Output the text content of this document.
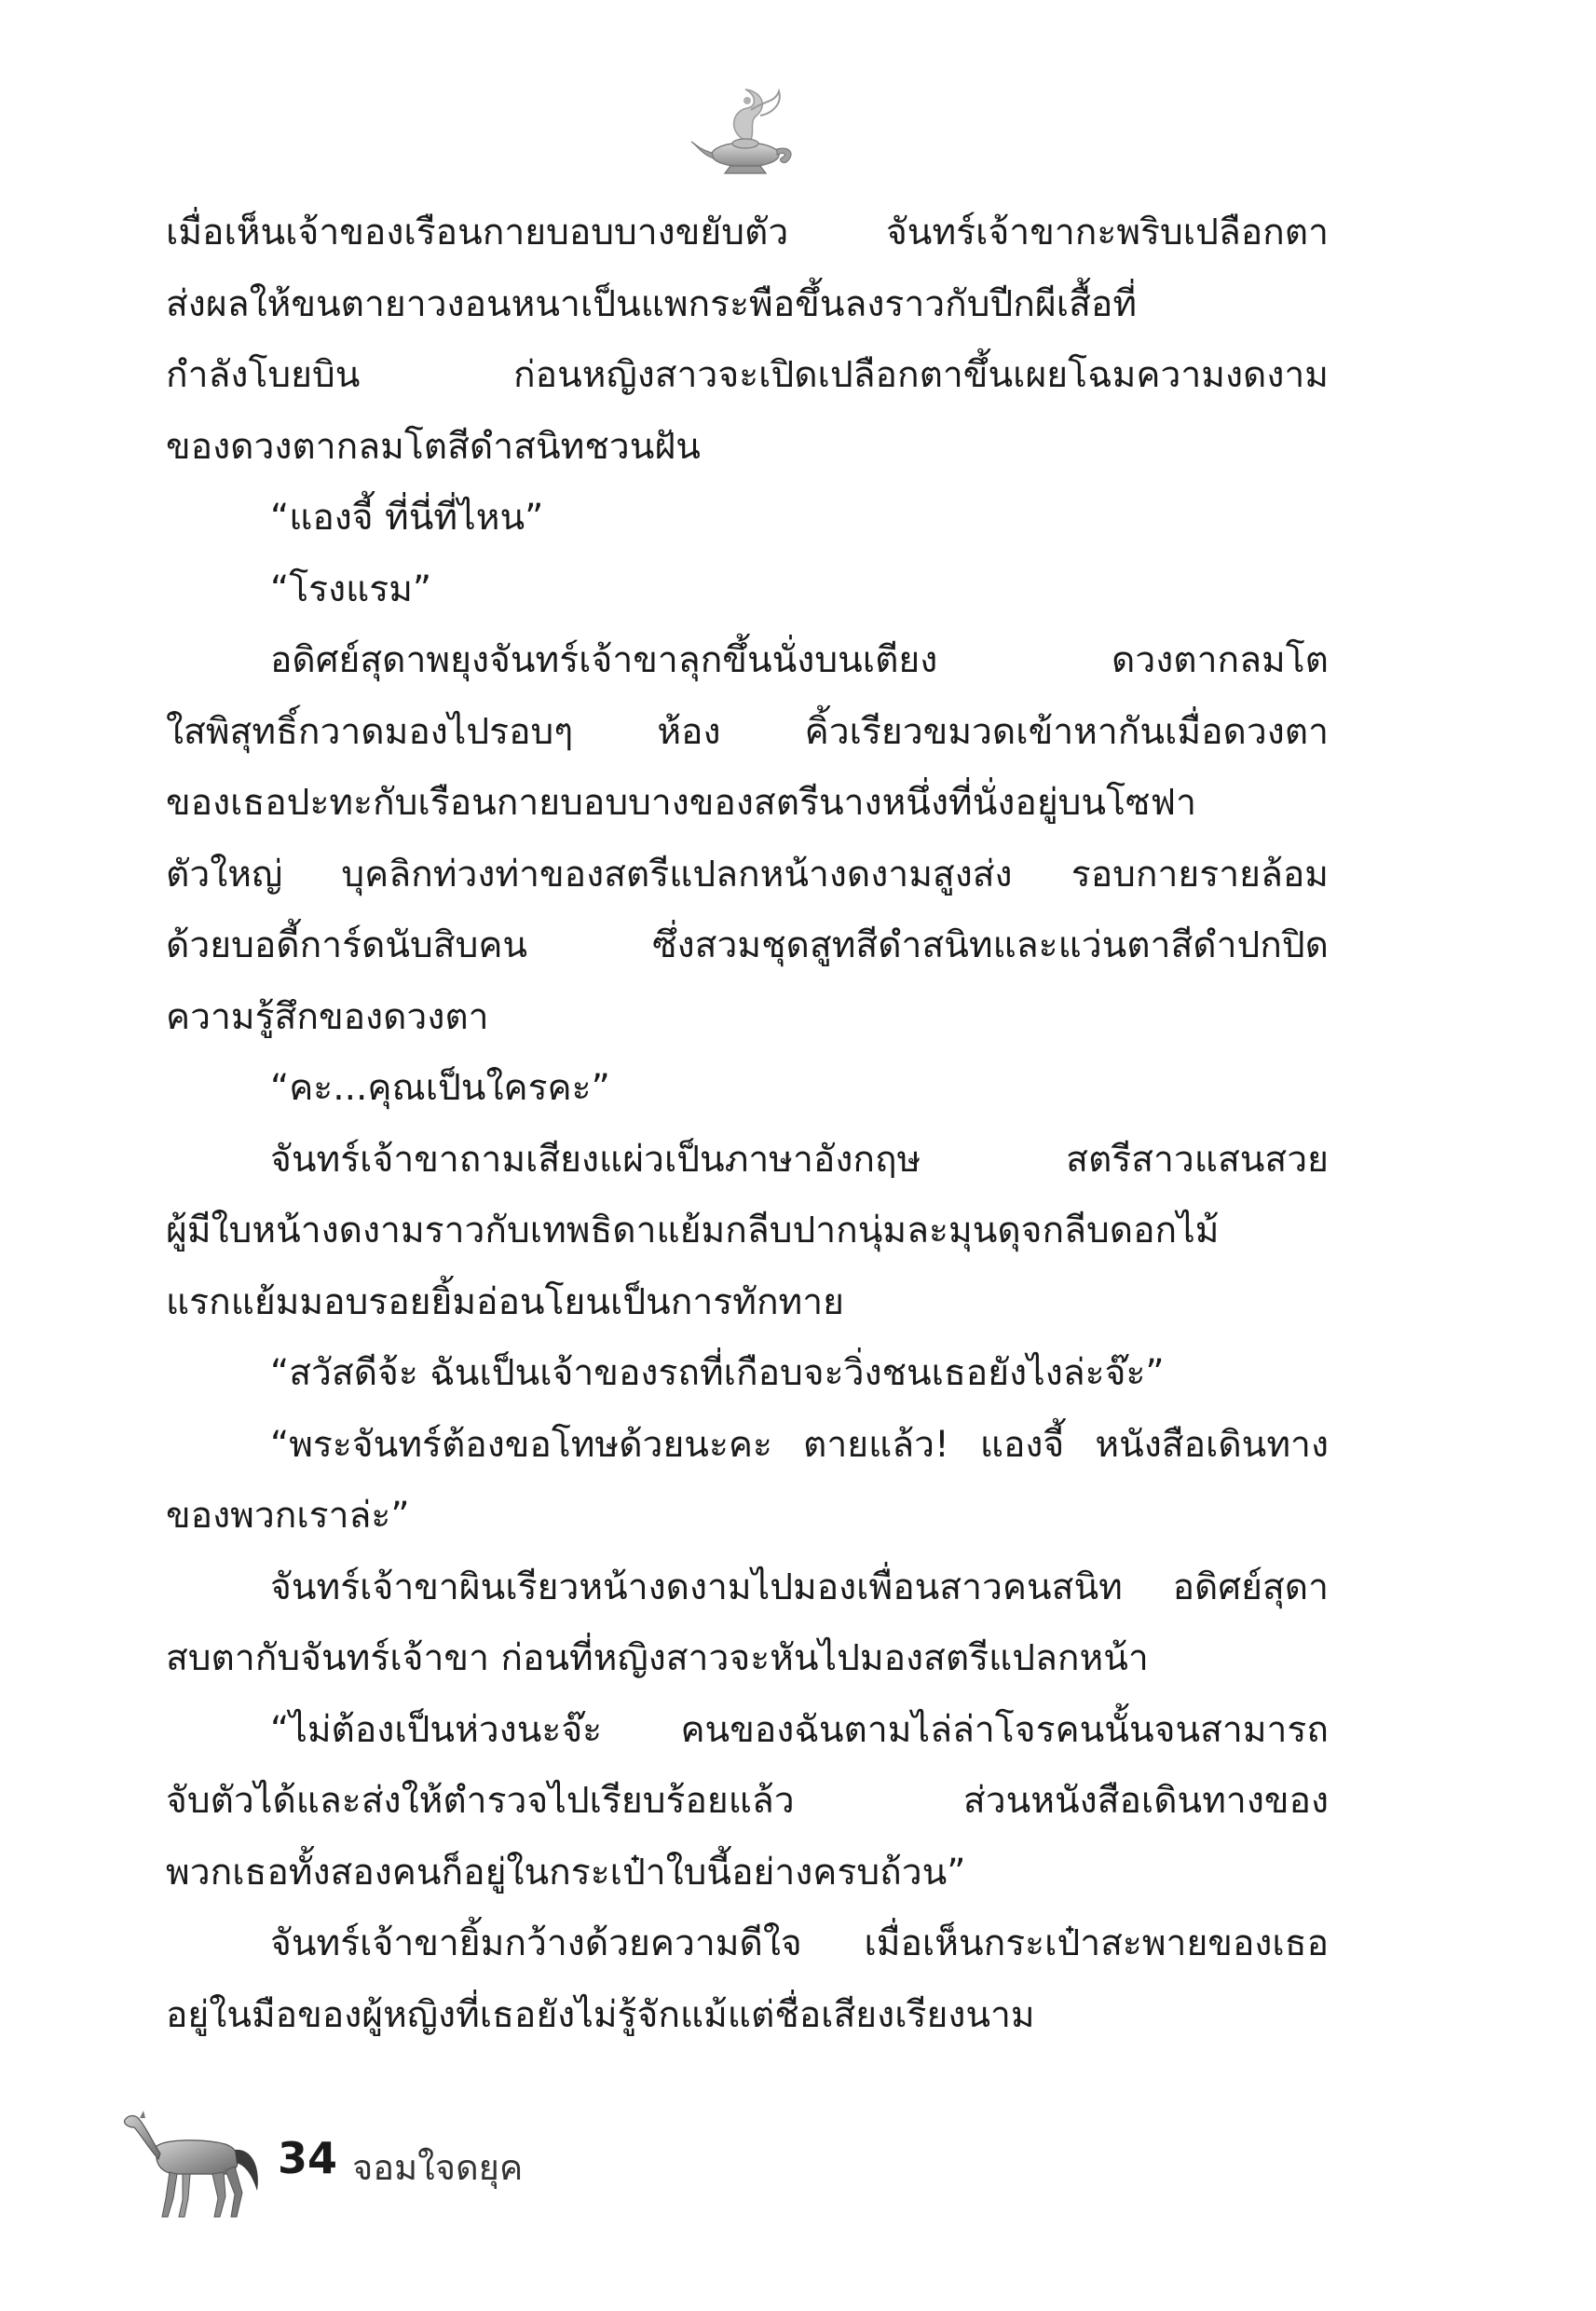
เมื่อเห็นเจ้าของเรือนกายบอบบางขยับตัว จันทร์เจ้าขากะพริบเปลือกตา
ส่งผลให้ขนตายาวงอนหนาเป็นแพกระพือขึ้นลงราวกับปีกผีเสื้อที่
กำลังโบยบิน ก่อนหญิงสาวจะเปิดเปลือกตาขึ้นเผยโฉมความงดงาม
ของดวงตากลมโตสีดำสนิทชวนฝัน
“แองจี้ ที่นี่ที่ไหน”
“โรงแรม”
อดิศย์สุดาพยุงจันทร์เจ้าขาลุกขึ้นนั่งบนเตียง ดวงตากลมโต
ใสพิสุทธิ์กวาดมองไปรอบๆ ห้อง คิ้วเรียวขมวดเข้าหากันเมื่อดวงตา
ของเธอปะทะกับเรือนกายบอบบางของสตรีนางหนึ่งที่นั่งอยู่บนโซฟา
ตัวใหญ่ บุคลิกท่วงท่าของสตรีแปลกหน้างดงามสูงส่ง รอบกายรายล้อม
ด้วยบอดี้การ์ดนับสิบคน ซึ่งสวมชุดสูทสีดำสนิทและแว่นตาสีดำปกปิด
ความรู้สึกของดวงตา
“คะ...คุณเป็นใครคะ”
จันทร์เจ้าขาถามเสียงแผ่วเป็นภาษาอังกฤษ สตรีสาวแสนสวย
ผู้มีใบหน้างดงามราวกับเทพธิดาแย้มกลีบปากนุ่มละมุนดุจกลีบดอกไม้
แรกแย้มมอบรอยยิ้มอ่อนโยนเป็นการทักทาย
“สวัสดีจ้ะ ฉันเป็นเจ้าของรถที่เกือบจะวิ่งชนเธอยังไงล่ะจ๊ะ”
“พระจันทร์ต้องขอโทษด้วยนะคะ ตายแล้ว! แองจี้ หนังสือเดินทาง
ของพวกเราล่ะ”
จันทร์เจ้าขาผินเรียวหน้างดงามไปมองเพื่อนสาวคนสนิท อดิศย์สุดา
สบตากับจันทร์เจ้าขา ก่อนที่หญิงสาวจะหันไปมองสตรีแปลกหน้า
“ไม่ต้องเป็นห่วงนะจ๊ะ คนของฉันตามไล่ล่าโจรคนนั้นจนสามารถ
จับตัวได้และส่งให้ตำรวจไปเรียบร้อยแล้ว ส่วนหนังสือเดินทางของ
พวกเธอทั้งสองคนก็อยู่ในกระเป๋าใบนี้อย่างครบถ้วน”
จันทร์เจ้าขายิ้มกว้างด้วยความดีใจ เมื่อเห็นกระเป๋าสะพายของเธอ
อยู่ในมือของผู้หญิงที่เธอยังไม่รู้จักแม้แต่ชื่อเสียงเรียงนาม
34 จอมใจดยุค
